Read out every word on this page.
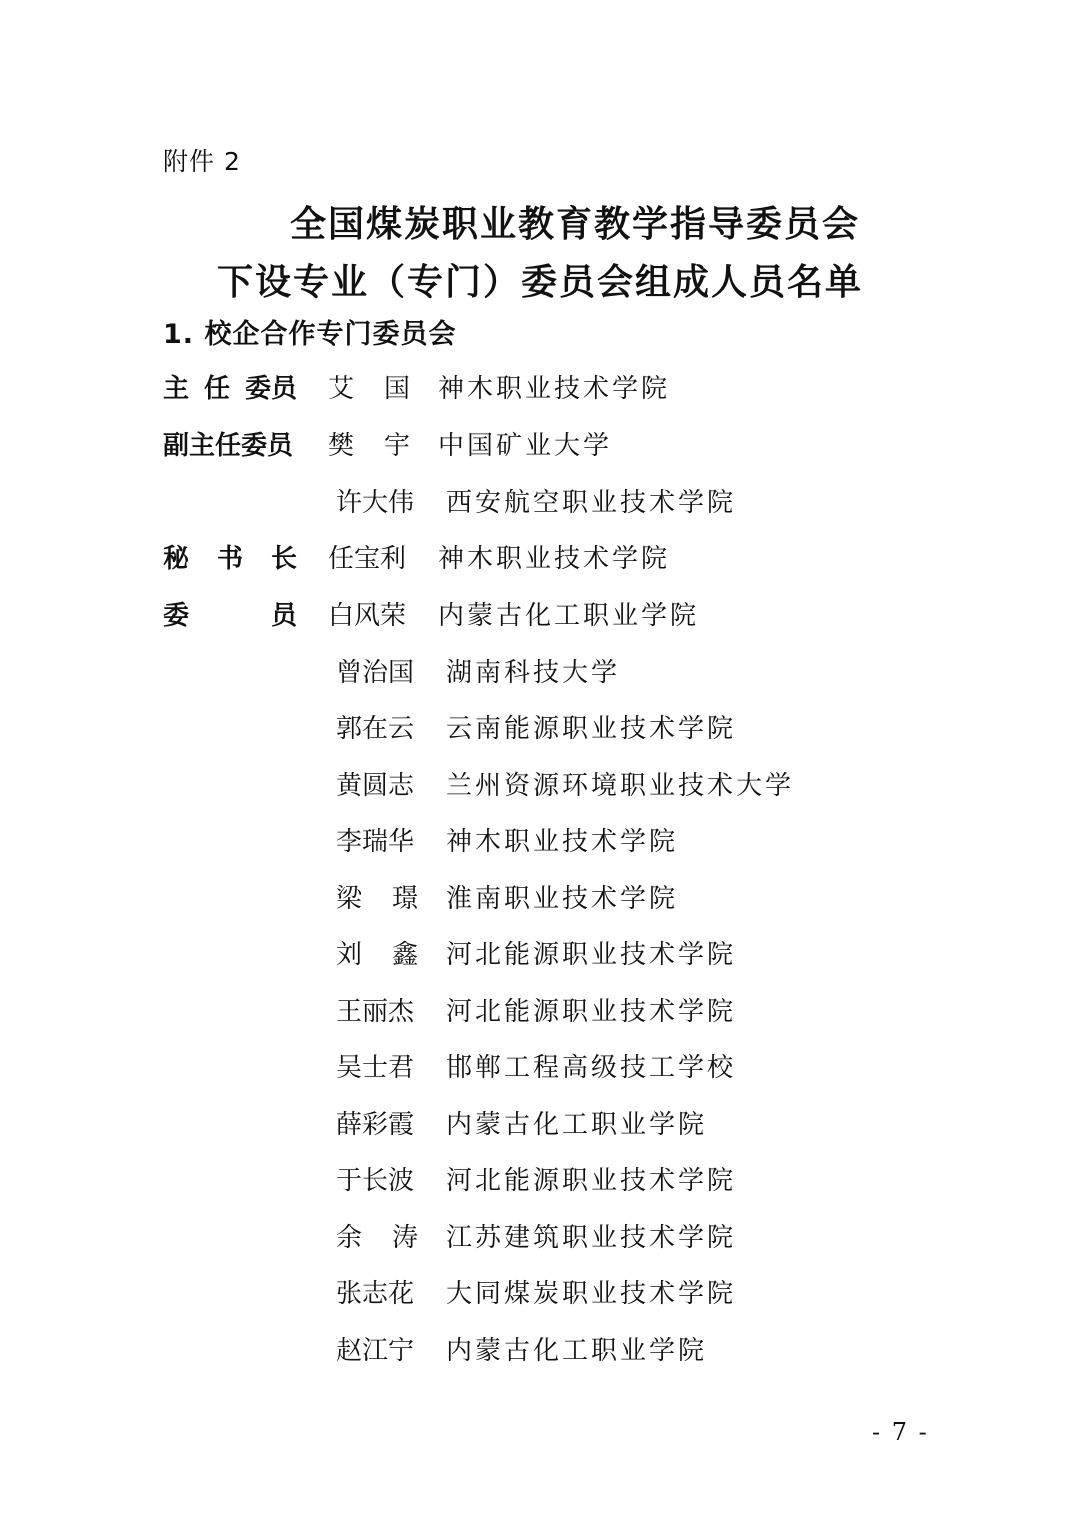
附件 2
全国煤炭职业教育教学指导委员会
下设专业（专门）委员会组成人员名单
1. 校企合作专门委员会
主 任 委员 艾 国 神木职业技术学院
副主任委员 樊 宇 中国矿业大学
许大伟 西安航空职业技术学院
秘 书 长 任宝利 神木职业技术学院
委	员 白风荣 内蒙古化工职业学院
曾治国 湖南科技大学
郭在云 云南能源职业技术学院
黄圆志 兰州资源环境职业技术大学
李瑞华 神木职业技术学院
梁 璟 淮南职业技术学院
刘 鑫 河北能源职业技术学院
王丽杰 河北能源职业技术学院
吴士君 邯郸工程高级技工学校
薛彩霞 内蒙古化工职业学院
于长波 河北能源职业技术学院
余 涛 江苏建筑职业技术学院
张志花 大同煤炭职业技术学院
赵江宁 内蒙古化工职业学院
- 7 -
